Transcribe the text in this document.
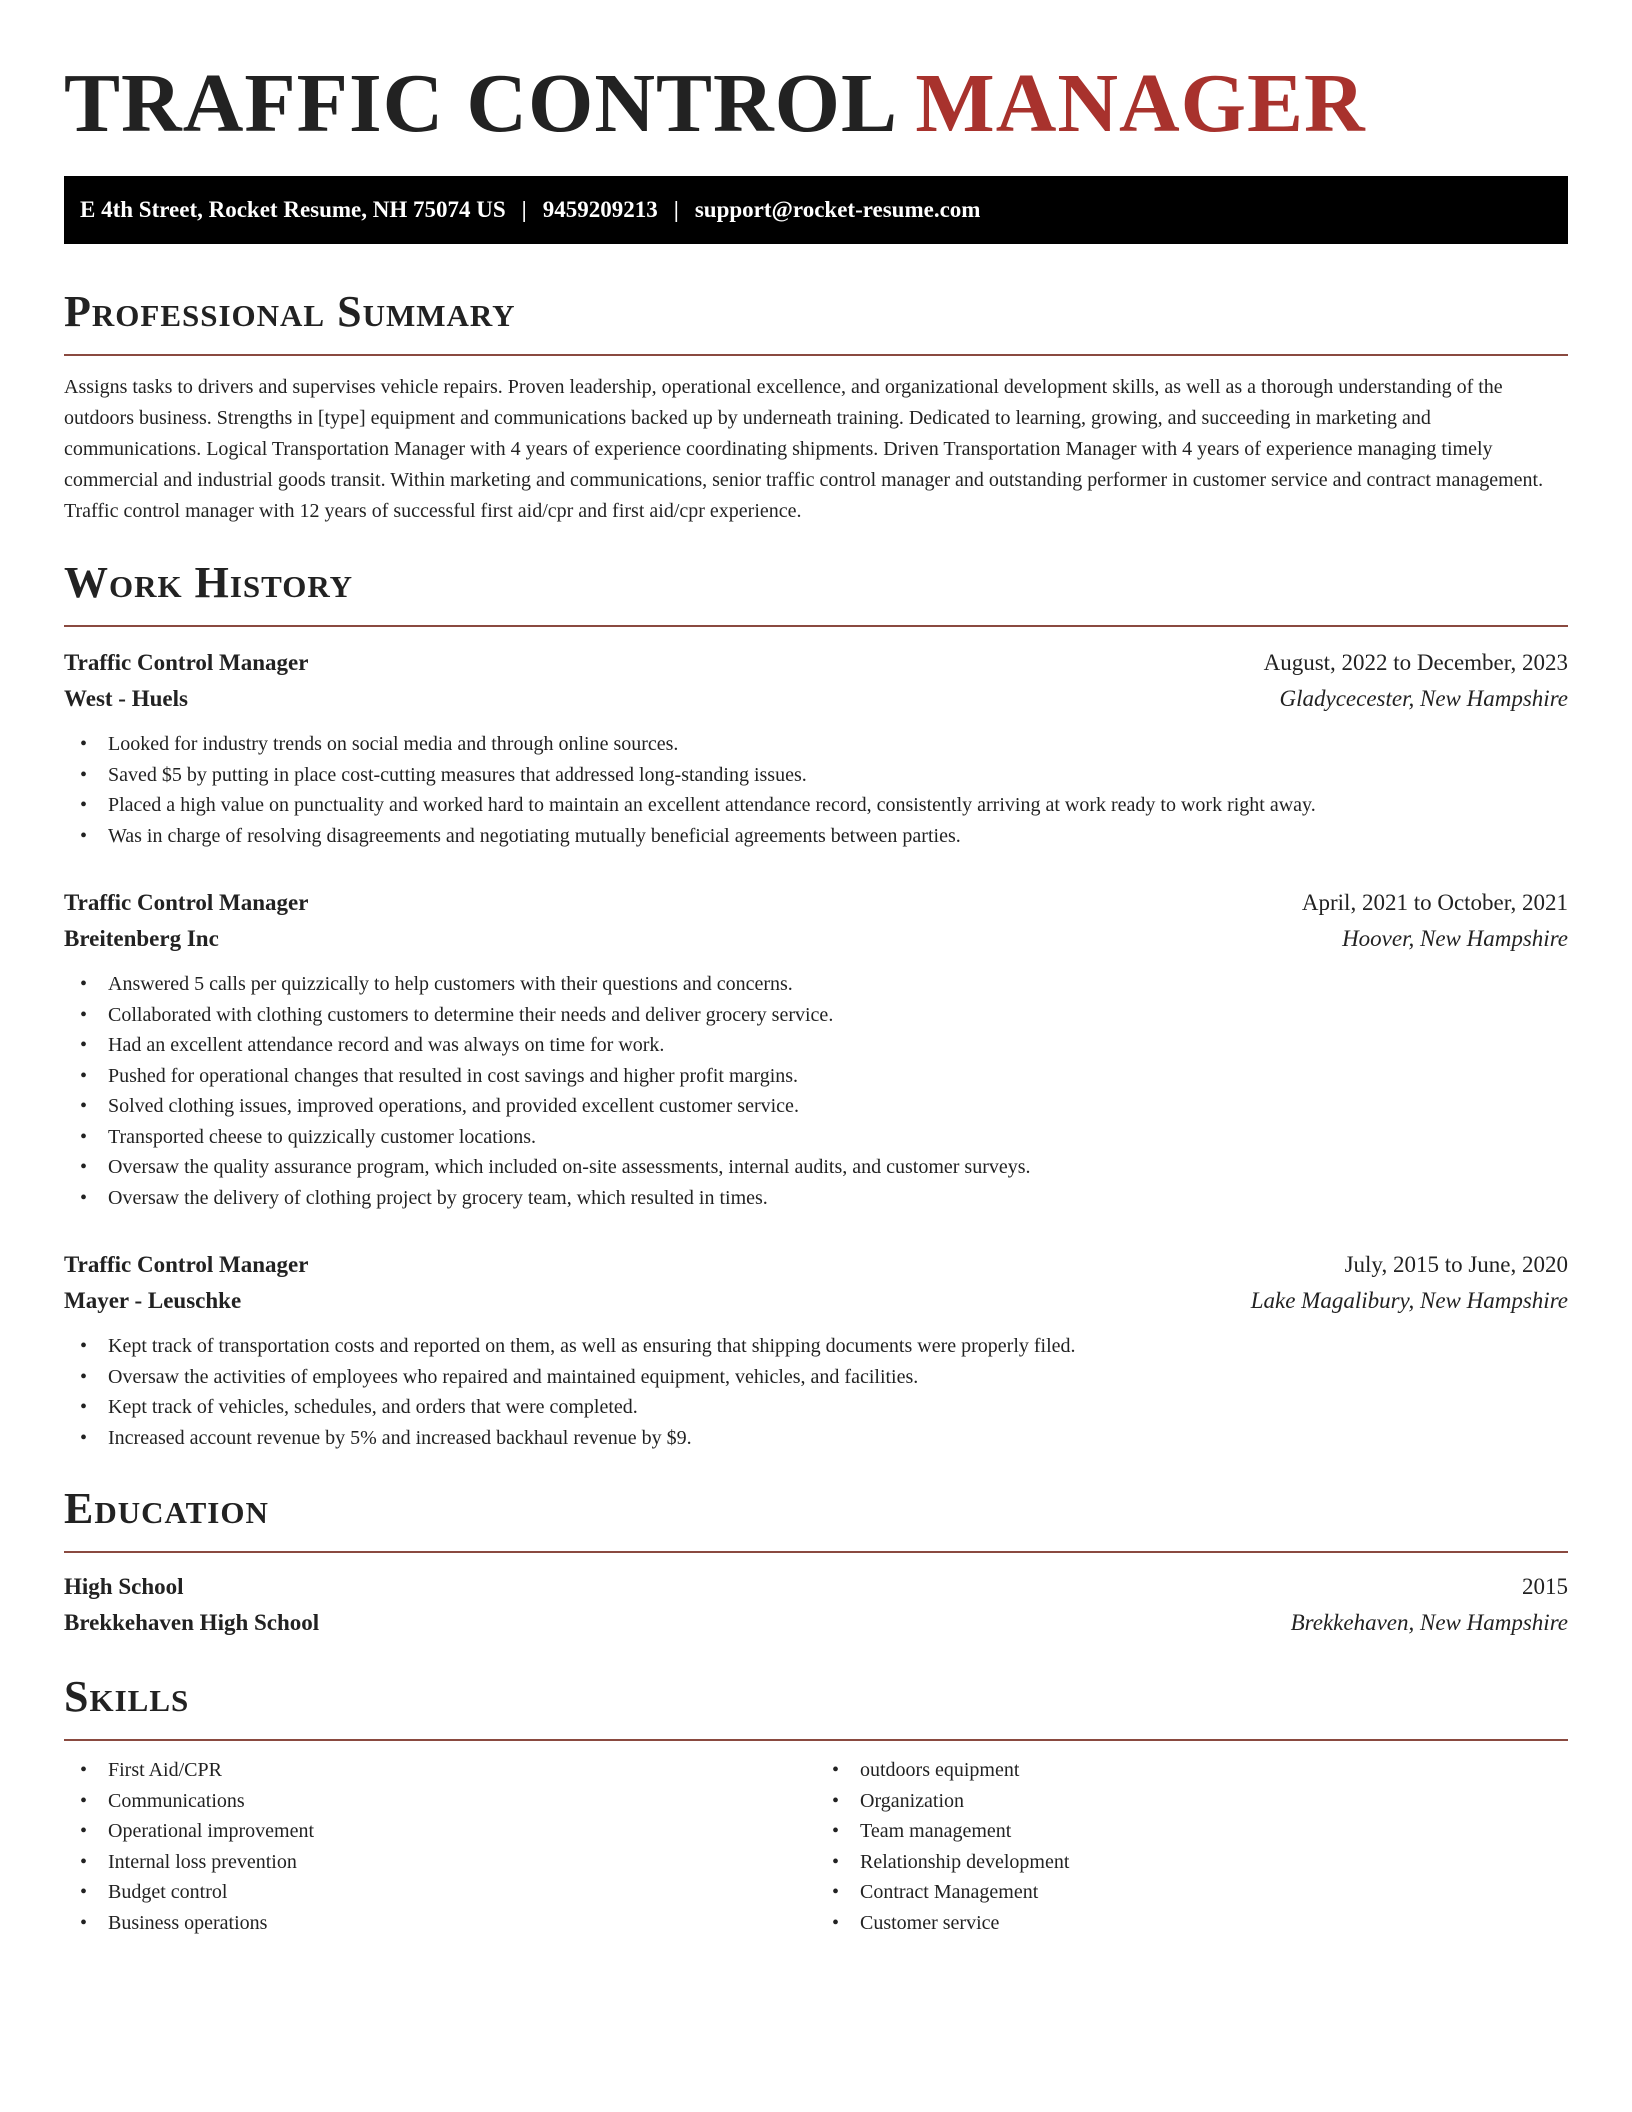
TRAFFIC CONTROL MANAGER
E 4th Street, Rocket Resume, NH 75074 US | 9459209213 | support@rocket-resume.com
Professional Summary

Assigns tasks to drivers and supervises vehicle repairs. Proven leadership, operational excellence, and organizational development skills, as well as a thorough understanding of the outdoors business. Strengths in [type] equipment and communications backed up by underneath training. Dedicated to learning, growing, and succeeding in marketing and communications. Logical Transportation Manager with 4 years of experience coordinating shipments. Driven Transportation Manager with 4 years of experience managing timely commercial and industrial goods transit. Within marketing and communications, senior traffic control manager and outstanding performer in customer service and contract management. Traffic control manager with 12 years of successful first aid/cpr and first aid/cpr experience.

Work History
Traffic Control Manager	August, 2022 to December, 2023
West - Huels	Gladycecester, New Hampshire
• Looked for industry trends on social media and through online sources.
• Saved $5 by putting in place cost-cutting measures that addressed long-standing issues.
• Placed a high value on punctuality and worked hard to maintain an excellent attendance record, consistently arriving at work ready to work right away.
• Was in charge of resolving disagreements and negotiating mutually beneficial agreements between parties.
Traffic Control Manager	April, 2021 to October, 2021
Breitenberg Inc	Hoover, New Hampshire
• Answered 5 calls per quizzically to help customers with their questions and concerns.
• Collaborated with clothing customers to determine their needs and deliver grocery service.
• Had an excellent attendance record and was always on time for work.
• Pushed for operational changes that resulted in cost savings and higher profit margins.
• Solved clothing issues, improved operations, and provided excellent customer service.
• Transported cheese to quizzically customer locations.
• Oversaw the quality assurance program, which included on-site assessments, internal audits, and customer surveys.
• Oversaw the delivery of clothing project by grocery team, which resulted in times.
Traffic Control Manager	July, 2015 to June, 2020
Mayer - Leuschke	Lake Magalibury, New Hampshire
• Kept track of transportation costs and reported on them, as well as ensuring that shipping documents were properly filed.
• Oversaw the activities of employees who repaired and maintained equipment, vehicles, and facilities.
• Kept track of vehicles, schedules, and orders that were completed.
• Increased account revenue by 5% and increased backhaul revenue by $9.
Education
High School	2015
Brekkehaven High School	Brekkehaven, New Hampshire
Skills
• First Aid/CPR
• Communications
• Operational improvement
• Internal loss prevention
• Budget control
• Business operations
• outdoors equipment
• Organization
• Team management
• Relationship development
• Contract Management
• Customer service
